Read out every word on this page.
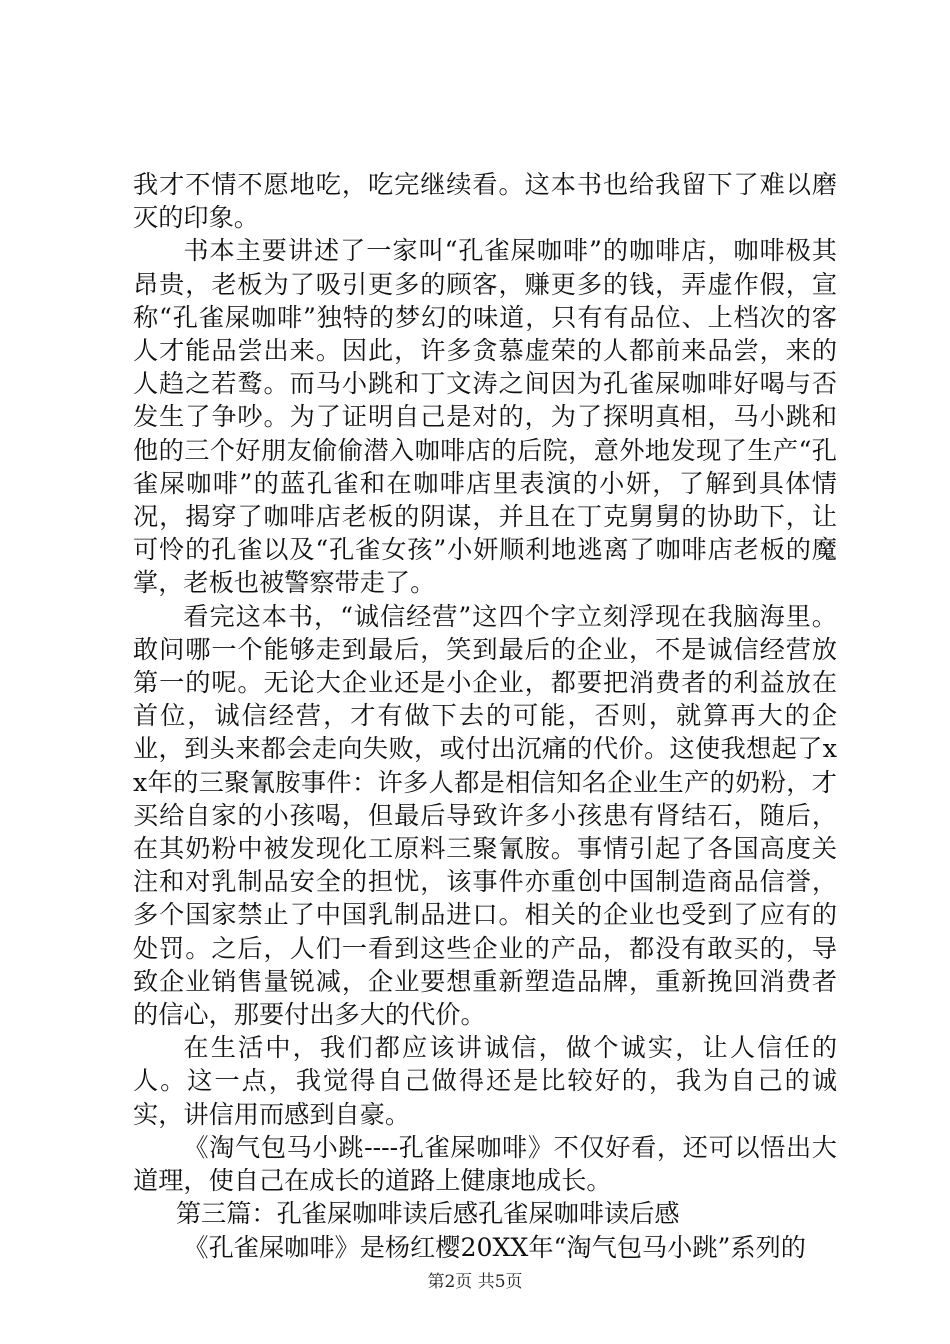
我才不情不愿地吃，吃完继续看。这本书也给我留下了难以磨灭的印象。

书本主要讲述了一家叫“孔雀屎咖啡”的咖啡店，咖啡极其昂贵，老板为了吸引更多的顾客，赚更多的钱，弄虚作假，宣称“孔雀屎咖啡”独特的梦幻的味道，只有有品位、上档次的客人才能品尝出来。因此，许多贪慕虚荣的人都前来品尝，来的人趋之若鹜。而马小跳和丁文涛之间因为孔雀屎咖啡好喝与否发生了争吵。为了证明自己是对的，为了探明真相，马小跳和他的三个好朋友偷偷潜入咖啡店的后院，意外地发现了生产“孔雀屎咖啡”的蓝孔雀和在咖啡店里表演的小妍，了解到具体情况，揭穿了咖啡店老板的阴谋，并且在丁克舅舅的协助下，让可怜的孔雀以及“孔雀女孩”小妍顺利地逃离了咖啡店老板的魔掌，老板也被警察带走了。

看完这本书，“诚信经营”这四个字立刻浮现在我脑海里。敢问哪一个能够走到最后，笑到最后的企业，不是诚信经营放第一的呢。无论大企业还是小企业，都要把消费者的利益放在首位，诚信经营，才有做下去的可能，否则，就算再大的企业，到头来都会走向失败，或付出沉痛的代价。这使我想起了xx年的三聚氰胺事件：许多人都是相信知名企业生产的奶粉，才买给自家的小孩喝，但最后导致许多小孩患有肾结石，随后，在其奶粉中被发现化工原料三聚氰胺。事情引起了各国高度关注和对乳制品安全的担忧，该事件亦重创中国制造商品信誉，多个国家禁止了中国乳制品进口。相关的企业也受到了应有的处罚。之后，人们一看到这些企业的产品，都没有敢买的，导致企业销售量锐减，企业要想重新塑造品牌，重新挽回消费者的信心，那要付出多大的代价。

在生活中，我们都应该讲诚信，做个诚实，让人信任的人。这一点，我觉得自己做得还是比较好的，我为自己的诚实，讲信用而感到自豪。

《淘气包马小跳----孔雀屎咖啡》不仅好看，还可以悟出大道理，使自己在成长的道路上健康地成长。

第三篇：孔雀屎咖啡读后感孔雀屎咖啡读后感

《孔雀屎咖啡》是杨红樱20XX年“淘气包马小跳”系列的

第2页 共5页
